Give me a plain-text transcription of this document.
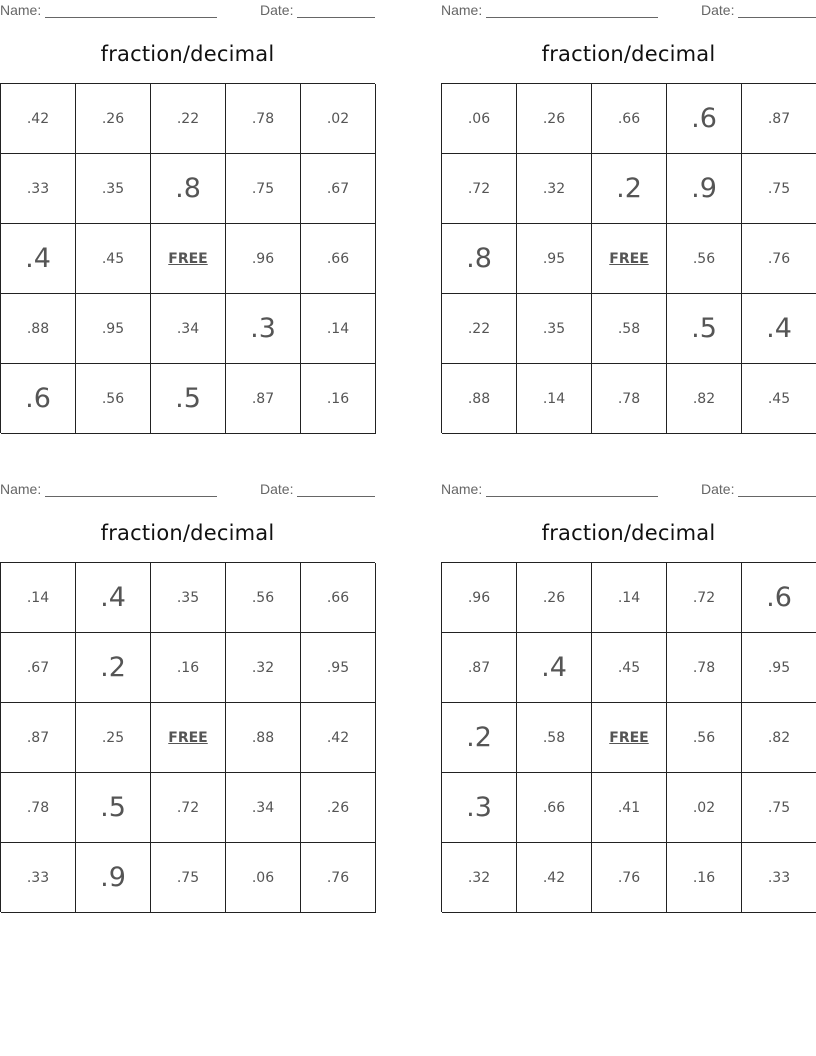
Name:	Date:
fraction/decimal
.42	.26	.22	.78	.02
.33	.35	.8	.75	.67
.4	.45	FREE	.96	.66
.88	.95	.34	.3	.14
.6	.56	.5	.87	.16
Name:	Date:
fraction/decimal
.06	.26	.66	.6	.87
.72	.32	.2	.9	.75
.8	.95	FREE	.56	.76
.22	.35	.58	.5	.4
.88	.14	.78	.82	.45
Name:	Date:
fraction/decimal
.14	.4	.35	.56	.66
.67	.2	.16	.32	.95
.87	.25	FREE	.88	.42
.78	.5	.72	.34	.26
.33	.9	.75	.06	.76
Name:	Date:
fraction/decimal
.96	.26	.14	.72	.6
.87	.4	.45	.78	.95
.2	.58	FREE	.56	.82
.3	.66	.41	.02	.75
.32	.42	.76	.16	.33
